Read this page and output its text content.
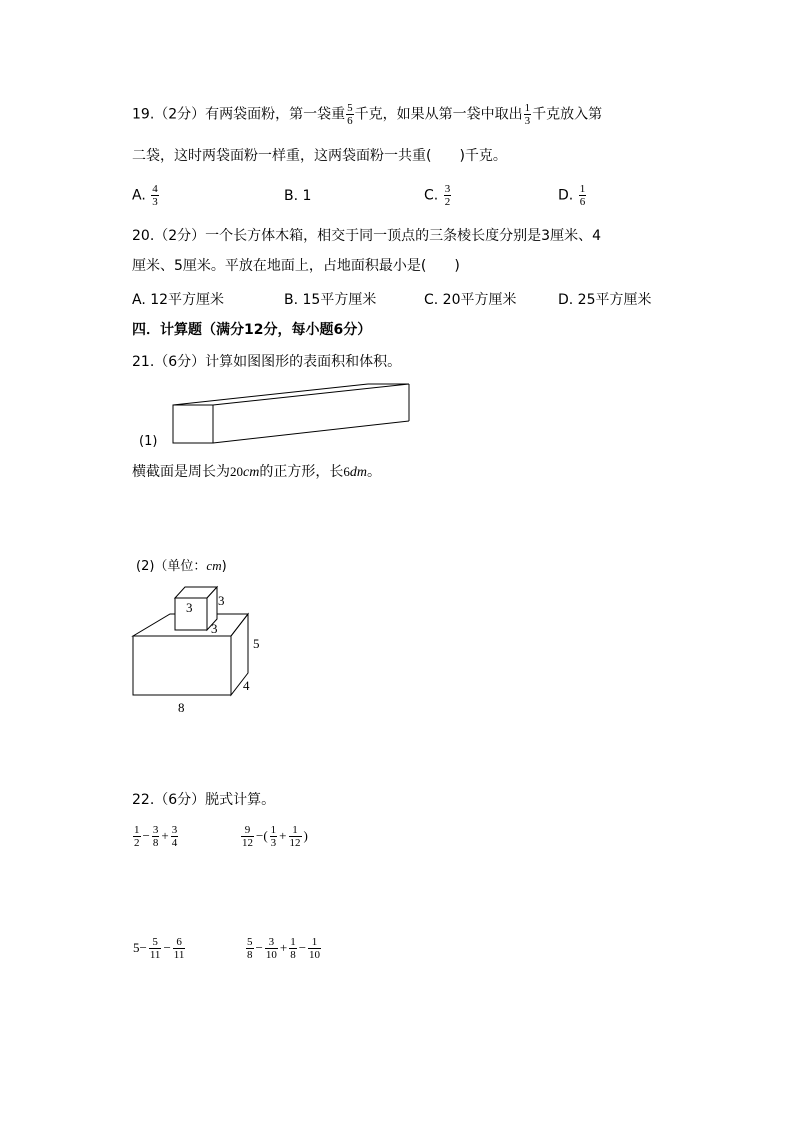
19.（2分）有两袋面粉，第一袋重 $\frac{5}{6}$ 千克，如果从第一袋中取出 $\frac{1}{3}$ 千克放入第
二袋，这时两袋面粉一样重，这两袋面粉一共重(　　)千克。
A. $\frac{4}{3}$	B. 1	C. $\frac{3}{2}$	D. $\frac{1}{6}$
20.（2分）一个长方体木箱，相交于同一顶点的三条棱长度分别是3厘米、4
厘米、5厘米。平放在地面上，占地面积最小是(　　)
A. 12平方厘米	B. 15平方厘米	C. 20平方厘米	D. 25平方厘米
四．计算题（满分12分，每小题6分）
21.（6分）计算如图图形的表面积和体积。
3 3
3
5
4
8
(1)
横截面是周长为20cm的正方形，长6dm。
(2)（单位：cm)
22.（6分）脱式计算。
$\frac{1}{2} - \frac{3}{8} + \frac{3}{4}$	$\frac{9}{12}$ −( $\frac{1}{3} + \frac{1}{12}$ )
$5- \frac{5}{11} - \frac{6}{11}$	$\frac{5}{8} - \frac{3}{10} + \frac{1}{8} - \frac{1}{10}$
